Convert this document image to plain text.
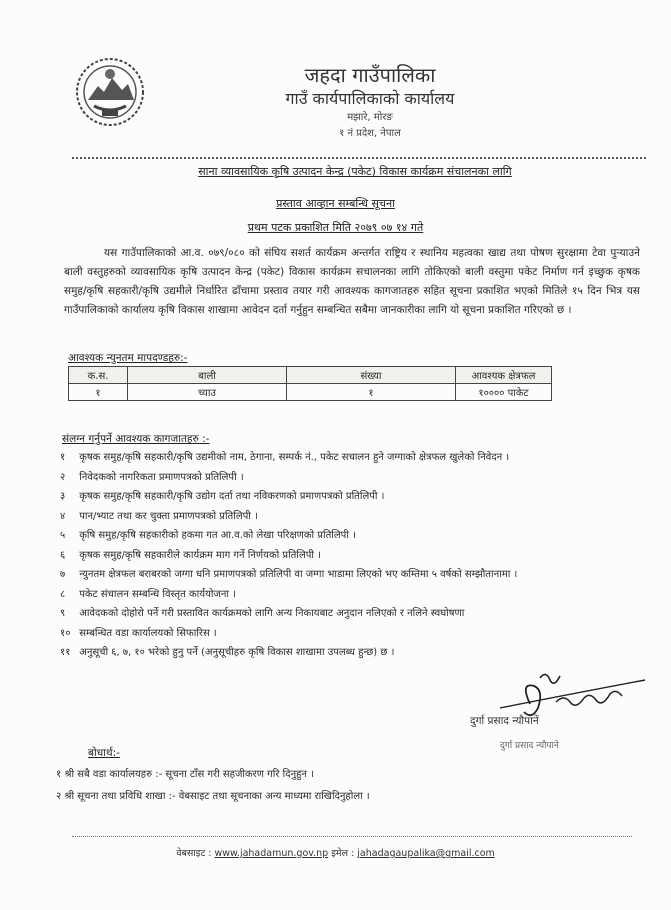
जहदा गाउँपालिका
गाउँ कार्यपालिकाको कार्यालय
मझारे, मोरङ
१ नं प्रदेश, नेपाल
साना व्यावसायिक कृषि उत्पादन केन्द्र (पकेट) विकास कार्यक्रम संचालनका लागि
प्रस्ताव आव्हान सम्बन्धि सूचना
प्रथम पटक प्रकाशित मिति २०७९ ०७ १४ गते
यस गाउँपालिकाको आ.व. ०७९/०८० को संघिय सशर्त कार्यक्रम अन्तर्गत राष्ट्रिय र स्थानिय महत्वका खाद्य तथा पोषण सुरक्षामा टेवा पुऱ्याउने बाली वस्तुहरुको व्यावसायिक कृषि उत्पादन केन्द्र (पकेट) विकास कार्यक्रम सचालनका लागि तोकिएको बाली वस्तुमा पकेट निर्माण गर्न इच्छुक कृषक समुह/कृषि सहकारी/कृषि उद्यमीले निर्धारित ढाँचामा प्रस्ताव तयार गरी आवश्यक कागजातहरु सहित सूचना प्रकाशित भएको मितिले १५ दिन भित्र यस गाउँपालिकाको कार्यालय कृषि विकास शाखामा आवेदन दर्ता गर्नुहुन सम्बन्धित सबैमा जानकारीका लागि यो सूचना प्रकाशित गरिएको छ ।
आवश्यक न्युनतम मापदण्डहरु:-
क.स.	बाली	संख्या	आवश्यक क्षेत्रफल
१	च्याउ	१	१०००० पाकेट
संलग्न गर्नुपर्ने आवश्यक कागजातहरु :-
१ कृषक समुह/कृषि सहकारी/कृषि उद्यमीको नाम, ठेगाना, सम्पर्क नं., पकेट सचालन हुने जग्गाको क्षेत्रफल खुलेको निवेदन ।
२ निवेदकको नागरिकता प्रमाणपत्रको प्रतिलिपी ।
३ कृषक समुह/कृषि सहकारी/कृषि उद्योग दर्ता तथा नविकरणको प्रमाणपत्रको प्रतिलिपी ।
४ पान/भ्याट तथा कर चुक्ता प्रमाणपत्रको प्रतिलिपी ।
५ कृषि समुह/कृषि सहकारीको हकमा गत आ.व.को लेखा परिक्षणको प्रतिलिपी ।
६ कृषक समुह/कृषि सहकारीले कार्यक्रम माग गर्ने निर्णयको प्रतिलिपी ।
७ न्युनतम क्षेत्रफल बराबरको जग्गा धनि प्रमाणपत्रको प्रतिलिपी वा जग्गा भाडामा लिएको भए कम्तिमा ५ वर्षको सम्झौतानामा ।
८ पकेट संचालन सम्बन्धि विस्तृत कार्ययोजना ।
९ आवेदकको दोहोरो पर्ने गरी प्रस्तावित कार्यक्रमको लागि अन्य निकायबाट अनुदान नलिएको र नलिने स्वघोषणा
१० सम्बन्धित वडा कार्यालयको सिफारिस ।
११ अनुसूची ६, ७, १० भरेको हुनु पर्ने (अनुसूचीहरु कृषि विकास शाखामा उपलब्ध हुन्छ) छ ।
दुर्गा प्रसाद न्यौपानें
दुर्गा प्रसाद न्यौपाने
बोधार्थ:-
१ श्री सबै वडा कार्यालयहरु :- सूचना टाँस गरी सहजीकरण गरि दिनुहुन ।
२ श्री सूचना तथा प्रविधि शाखा :- वेबसाइट तथा सूचनाका अन्य माध्यमा राखिदिनुहोला ।
वेबसाइट : www.jahadamun.gov.np इमेल : jahadagaupalika@gmail.com
